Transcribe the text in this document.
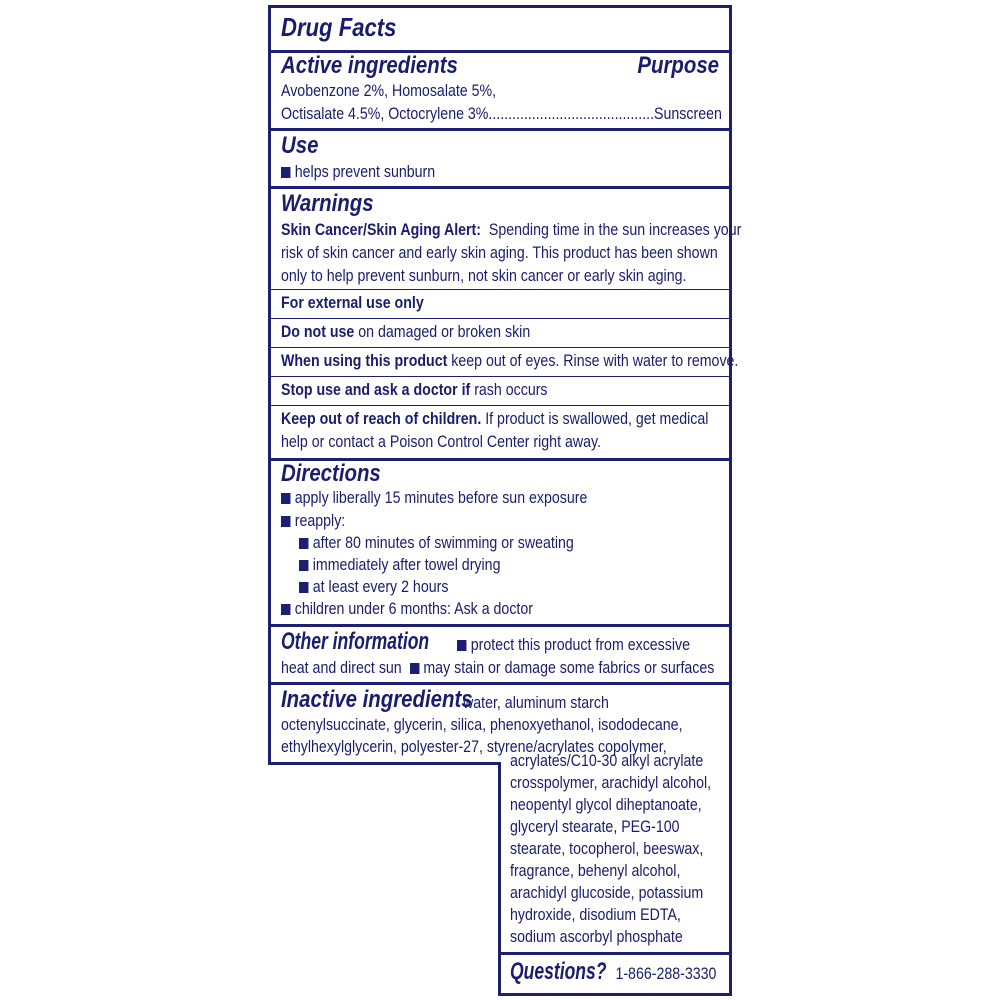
Drug Facts
Active ingredients	Purpose
Avobenzone 2%, Homosalate 5%,
Octisalate 4.5%, Octocrylene 3%..........................................Sunscreen
Use
helps prevent sunburn
Warnings
Skin Cancer/Skin Aging Alert: Spending time in the sun increases your
risk of skin cancer and early skin aging. This product has been shown
only to help prevent sunburn, not skin cancer or early skin aging.
For external use only
Do not use on damaged or broken skin
When using this product keep out of eyes. Rinse with water to remove.
Stop use and ask a doctor if rash occurs
Keep out of reach of children. If product is swallowed, get medical
help or contact a Poison Control Center right away.
Directions
apply liberally 15 minutes before sun exposure
reapply:
after 80 minutes of swimming or sweating
immediately after towel drying
at least every 2 hours
children under 6 months: Ask a doctor
Other information	protect this product from excessive
heat and direct sun may stain or damage some fabrics or surfaces
Inactive ingredients
water, aluminum starch
octenylsuccinate, glycerin, silica, phenoxyethanol, isododecane,
ethylhexylglycerin, polyester-27, styrene/acrylates copolymer,
acrylates/C10-30 alkyl acrylate
crosspolymer, arachidyl alcohol,
neopentyl glycol diheptanoate,
glyceryl stearate, PEG-100
stearate, tocopherol, beeswax,
fragrance, behenyl alcohol,
arachidyl glucoside, potassium
hydroxide, disodium EDTA,
sodium ascorbyl phosphate
Questions? 1-866-288-3330
